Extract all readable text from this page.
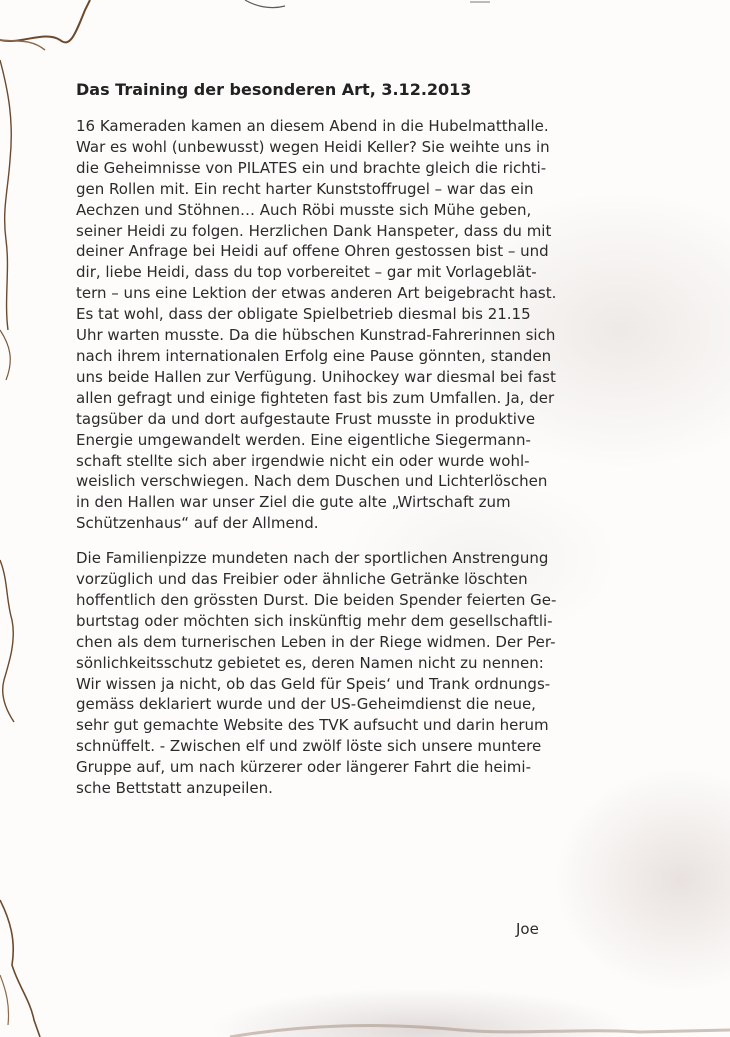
Das Training der besonderen Art, 3.12.2013
16 Kameraden kamen an diesem Abend in die Hubelmatthalle.
War es wohl (unbewusst) wegen Heidi Keller? Sie weihte uns in
die Geheimnisse von PILATES ein und brachte gleich die richti-
gen Rollen mit. Ein recht harter Kunststoffrugel – war das ein
Aechzen und Stöhnen… Auch Röbi musste sich Mühe geben,
seiner Heidi zu folgen. Herzlichen Dank Hanspeter, dass du mit
deiner Anfrage bei Heidi auf offene Ohren gestossen bist – und
dir, liebe Heidi, dass du top vorbereitet – gar mit Vorlageblät-
tern – uns eine Lektion der etwas anderen Art beigebracht hast.
Es tat wohl, dass der obligate Spielbetrieb diesmal bis 21.15
Uhr warten musste. Da die hübschen Kunstrad-Fahrerinnen sich
nach ihrem internationalen Erfolg eine Pause gönnten, standen
uns beide Hallen zur Verfügung. Unihockey war diesmal bei fast
allen gefragt und einige fighteten fast bis zum Umfallen. Ja, der
tagsüber da und dort aufgestaute Frust musste in produktive
Energie umgewandelt werden. Eine eigentliche Siegermann-
schaft stellte sich aber irgendwie nicht ein oder wurde wohl-
weislich verschwiegen. Nach dem Duschen und Lichterlöschen
in den Hallen war unser Ziel die gute alte „Wirtschaft zum
Schützenhaus“ auf der Allmend.
Die Familienpizze mundeten nach der sportlichen Anstrengung
vorzüglich und das Freibier oder ähnliche Getränke löschten
hoffentlich den grössten Durst. Die beiden Spender feierten Ge-
burtstag oder möchten sich inskünftig mehr dem gesellschaftli-
chen als dem turnerischen Leben in der Riege widmen. Der Per-
sönlichkeitsschutz gebietet es, deren Namen nicht zu nennen:
Wir wissen ja nicht, ob das Geld für Speis‘ und Trank ordnungs-
gemäss deklariert wurde und der US-Geheimdienst die neue,
sehr gut gemachte Website des TVK aufsucht und darin herum
schnüffelt. - Zwischen elf und zwölf löste sich unsere muntere
Gruppe auf, um nach kürzerer oder längerer Fahrt die heimi-
sche Bettstatt anzupeilen.
Joe
